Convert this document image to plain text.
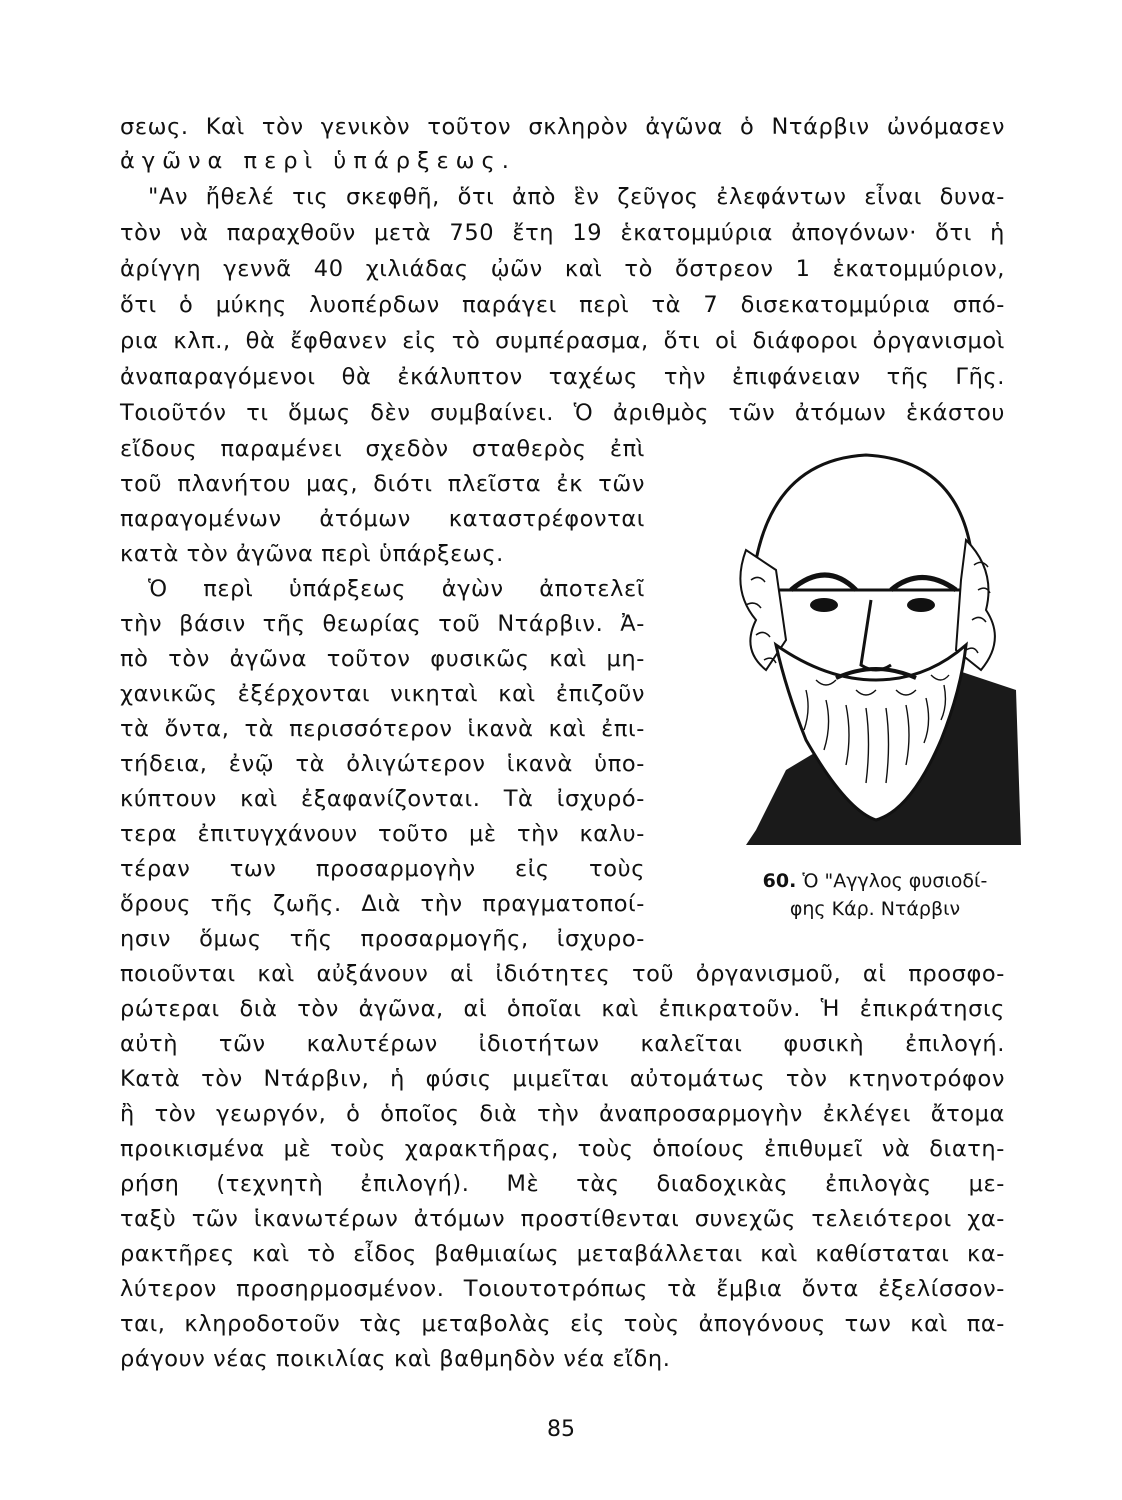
σεως. Καὶ τὸν γενικὸν τοῦτον σκληρὸν ἀγῶνα ὁ Ντάρβιν ὠνόμασεν
ἀγῶνα περὶ ὑπάρξεως.
"Αν ἤθελέ τις σκεφθῆ, ὅτι ἀπὸ ἓν ζεῦγος ἐλεφάντων εἶναι δυνα-
τὸν νὰ παραχθοῦν μετὰ 750 ἔτη 19 ἑκατομμύρια ἀπογόνων· ὅτι ἡ
ἀρίγγη γεννᾶ 40 χιλιάδας ᾠῶν καὶ τὸ ὄστρεον 1 ἑκατομμύριον,
ὅτι ὁ μύκης λυοπέρδων παράγει περὶ τὰ 7 δισεκατομμύρια σπό-
ρια κλπ., θὰ ἔφθανεν εἰς τὸ συμπέρασμα, ὅτι οἱ διάφοροι ὀργανισμοὶ
ἀναπαραγόμενοι θὰ ἐκάλυπτον ταχέως τὴν ἐπιφάνειαν τῆς Γῆς.
Τοιοῦτόν τι ὅμως δὲν συμβαίνει. Ὁ ἀριθμὸς τῶν ἀτόμων ἑκάστου
εἴδους παραμένει σχεδὸν σταθερὸς ἐπὶ
τοῦ πλανήτου μας, διότι πλεῖστα ἐκ τῶν
παραγομένων ἀτόμων καταστρέφονται
κατὰ τὸν ἀγῶνα περὶ ὑπάρξεως.
Ὁ περὶ ὑπάρξεως ἀγὼν ἀποτελεῖ
τὴν βάσιν τῆς θεωρίας τοῦ Ντάρβιν. Ἀ-
πὸ τὸν ἀγῶνα τοῦτον φυσικῶς καὶ μη-
χανικῶς ἐξέρχονται νικηταὶ καὶ ἐπιζοῦν
τὰ ὄντα, τὰ περισσότερον ἱκανὰ καὶ ἐπι-
τήδεια, ἐνῷ τὰ ὀλιγώτερον ἱκανὰ ὑπο-
κύπτουν καὶ ἐξαφανίζονται. Τὰ ἰσχυρό-
τερα ἐπιτυγχάνουν τοῦτο μὲ τὴν καλυ-
τέραν των προσαρμογὴν εἰς τοὺς
ὅρους τῆς ζωῆς. Διὰ τὴν πραγματοποί-
ησιν ὅμως τῆς προσαρμογῆς, ἰσχυρο-
ποιοῦνται καὶ αὐξάνουν αἱ ἰδιότητες τοῦ ὀργανισμοῦ, αἱ προσφο-
ρώτεραι διὰ τὸν ἀγῶνα, αἱ ὁποῖαι καὶ ἐπικρατοῦν. Ἡ ἐπικράτησις
αὐτὴ τῶν καλυτέρων ἰδιοτήτων καλεῖται φυσικὴ ἐπιλογή.
Κατὰ τὸν Ντάρβιν, ἡ φύσις μιμεῖται αὐτομάτως τὸν κτηνοτρόφον
ἢ τὸν γεωργόν, ὁ ὁποῖος διὰ τὴν ἀναπροσαρμογὴν ἐκλέγει ἄτομα
προικισμένα μὲ τοὺς χαρακτῆρας, τοὺς ὁποίους ἐπιθυμεῖ νὰ διατη-
ρήση (τεχνητὴ ἐπιλογή). Μὲ τὰς διαδοχικὰς ἐπιλογὰς με-
ταξὺ τῶν ἱκανωτέρων ἀτόμων προστίθενται συνεχῶς τελειότεροι χα-
ρακτῆρες καὶ τὸ εἶδος βαθμιαίως μεταβάλλεται καὶ καθίσταται κα-
λύτερον προσηρμοσμένον. Τοιουτοτρόπως τὰ ἔμβια ὄντα ἐξελίσσον-
ται, κληροδοτοῦν τὰς μεταβολὰς εἰς τοὺς ἀπογόνους των καὶ πα-
ράγουν νέας ποικιλίας καὶ βαθμηδὸν νέα εἴδη.
60. Ὁ "Αγγλος φυσιοδί-
φης Κάρ. Ντάρβιν
85
